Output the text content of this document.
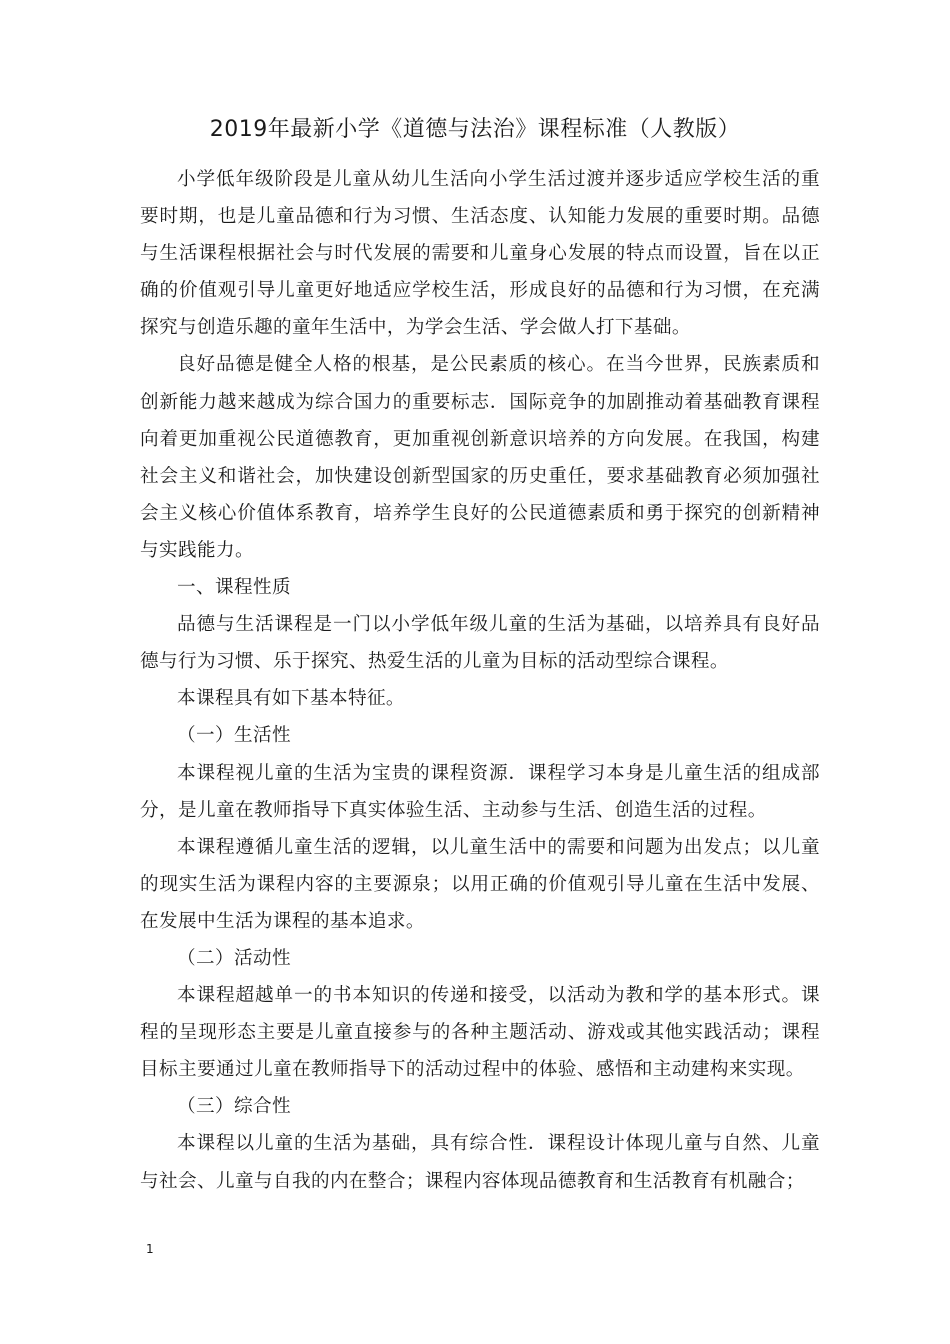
2019年最新小学《道德与法治》课程标准（人教版）

小学低年级阶段是儿童从幼儿生活向小学生活过渡并逐步适应学校生活的重要时期，也是儿童品德和行为习惯、生活态度、认知能力发展的重要时期。品德与生活课程根据社会与时代发展的需要和儿童身心发展的特点而设置，旨在以正确的价值观引导儿童更好地适应学校生活，形成良好的品德和行为习惯，在充满探究与创造乐趣的童年生活中，为学会生活、学会做人打下基础。

良好品德是健全人格的根基，是公民素质的核心。在当今世界，民族素质和创新能力越来越成为综合国力的重要标志．国际竞争的加剧推动着基础教育课程向着更加重视公民道德教育，更加重视创新意识培养的方向发展。在我国，构建社会主义和谐社会，加快建设创新型国家的历史重任，要求基础教育必须加强社会主义核心价值体系教育，培养学生良好的公民道德素质和勇于探究的创新精神与实践能力。

一、课程性质

品德与生活课程是一门以小学低年级儿童的生活为基础，以培养具有良好品德与行为习惯、乐于探究、热爱生活的儿童为目标的活动型综合课程。

本课程具有如下基本特征。

（一）生活性

本课程视儿童的生活为宝贵的课程资源．课程学习本身是儿童生活的组成部分，是儿童在教师指导下真实体验生活、主动参与生活、创造生活的过程。

本课程遵循儿童生活的逻辑，以儿童生活中的需要和问题为出发点；以儿童的现实生活为课程内容的主要源泉；以用正确的价值观引导儿童在生活中发展、在发展中生活为课程的基本追求。

（二）活动性

本课程超越单一的书本知识的传递和接受，以活动为教和学的基本形式。课程的呈现形态主要是儿童直接参与的各种主题活动、游戏或其他实践活动；课程目标主要通过儿童在教师指导下的活动过程中的体验、感悟和主动建构来实现。

（三）综合性

本课程以儿童的生活为基础，具有综合性．课程设计体现儿童与自然、儿童与社会、儿童与自我的内在整合；课程内容体现品德教育和生活教育有机融合；

1
